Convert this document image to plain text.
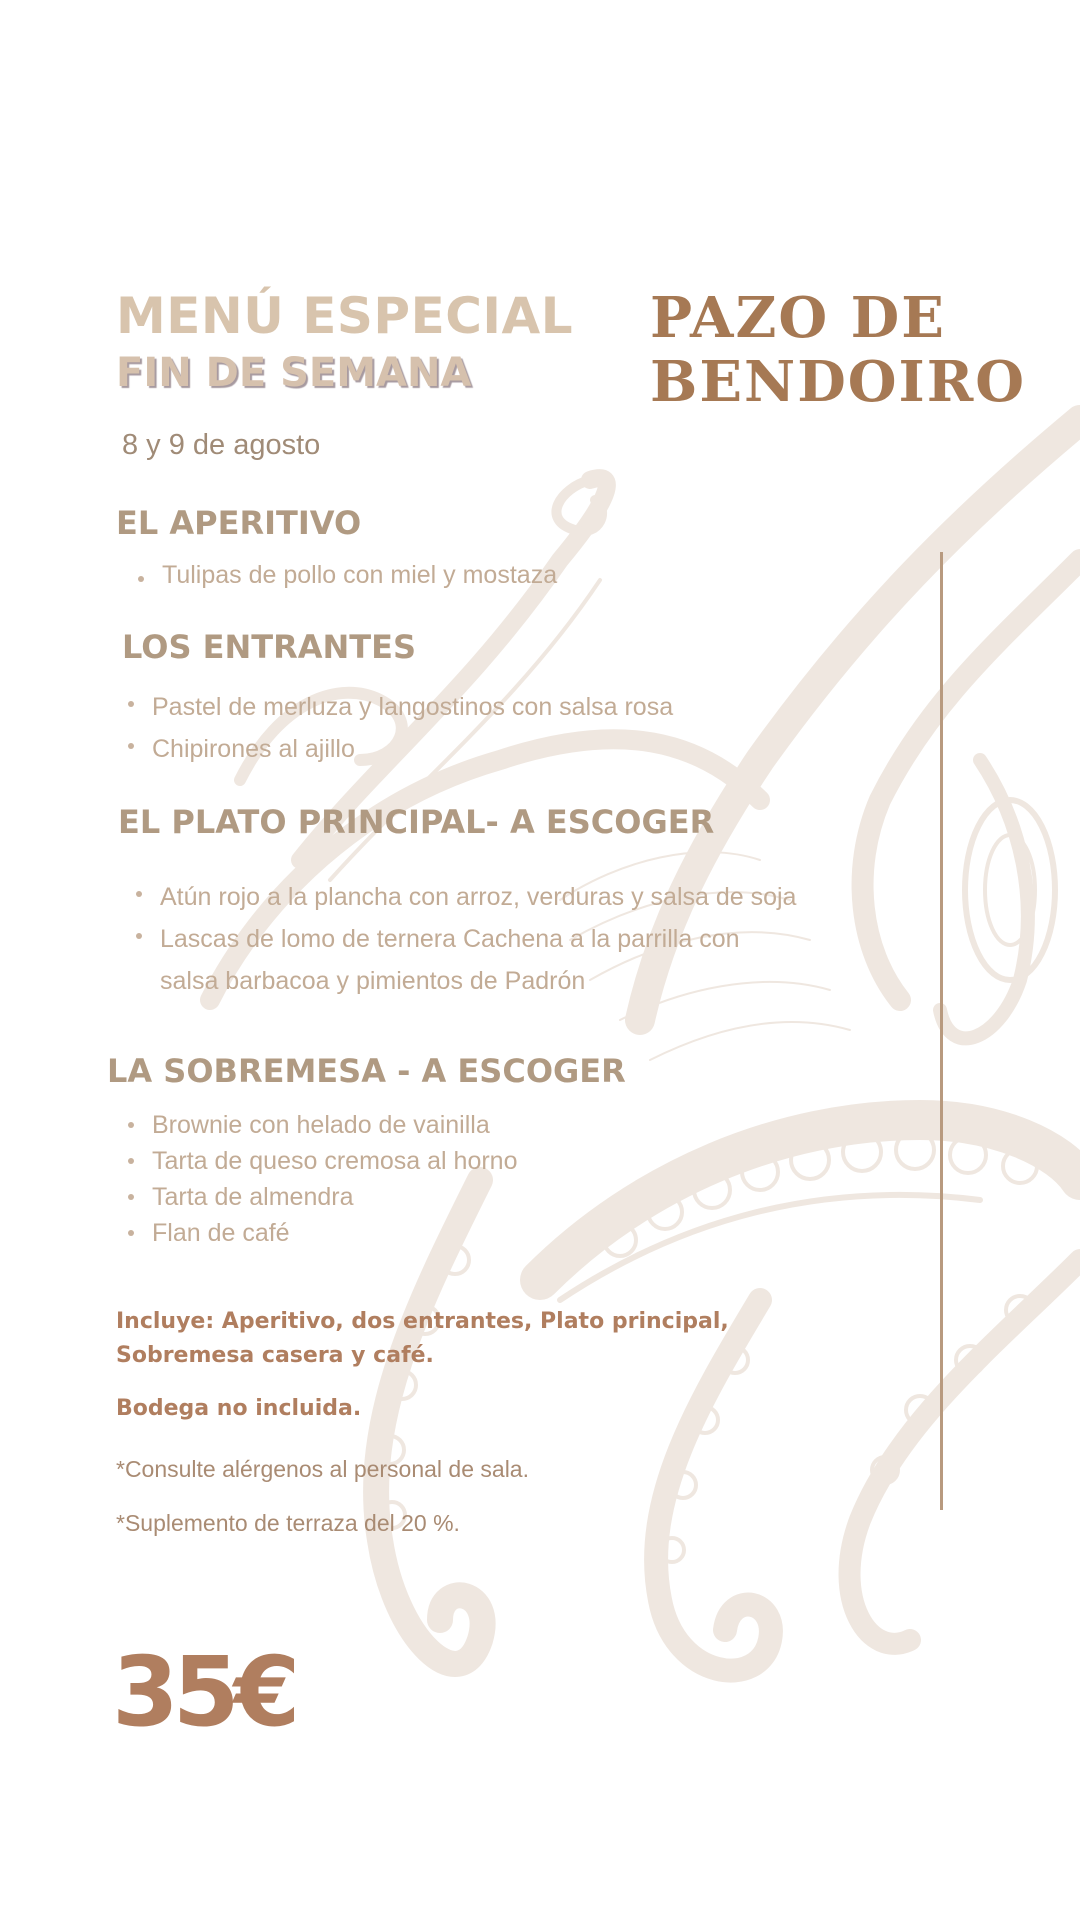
MENÚ ESPECIAL
FIN DE SEMANA
PAZO DE
BENDOIRO
8 y 9 de agosto
EL APERITIVO
Tulipas de pollo con miel y mostaza
LOS ENTRANTES
Pastel de merluza y langostinos con salsa rosa
Chipirones al ajillo
EL PLATO PRINCIPAL- A ESCOGER
Atún rojo a la plancha con arroz, verduras y salsa de soja
Lascas de lomo de ternera Cachena a la parrilla con
salsa barbacoa y pimientos de Padrón
LA SOBREMESA - A ESCOGER
Brownie con helado de vainilla
Tarta de queso cremosa al horno
Tarta de almendra
Flan de café
Incluye: Aperitivo, dos entrantes, Plato principal,
Sobremesa casera y café.
Bodega no incluida.
*Consulte alérgenos al personal de sala.
*Suplemento de terraza del 20 %.
35€
